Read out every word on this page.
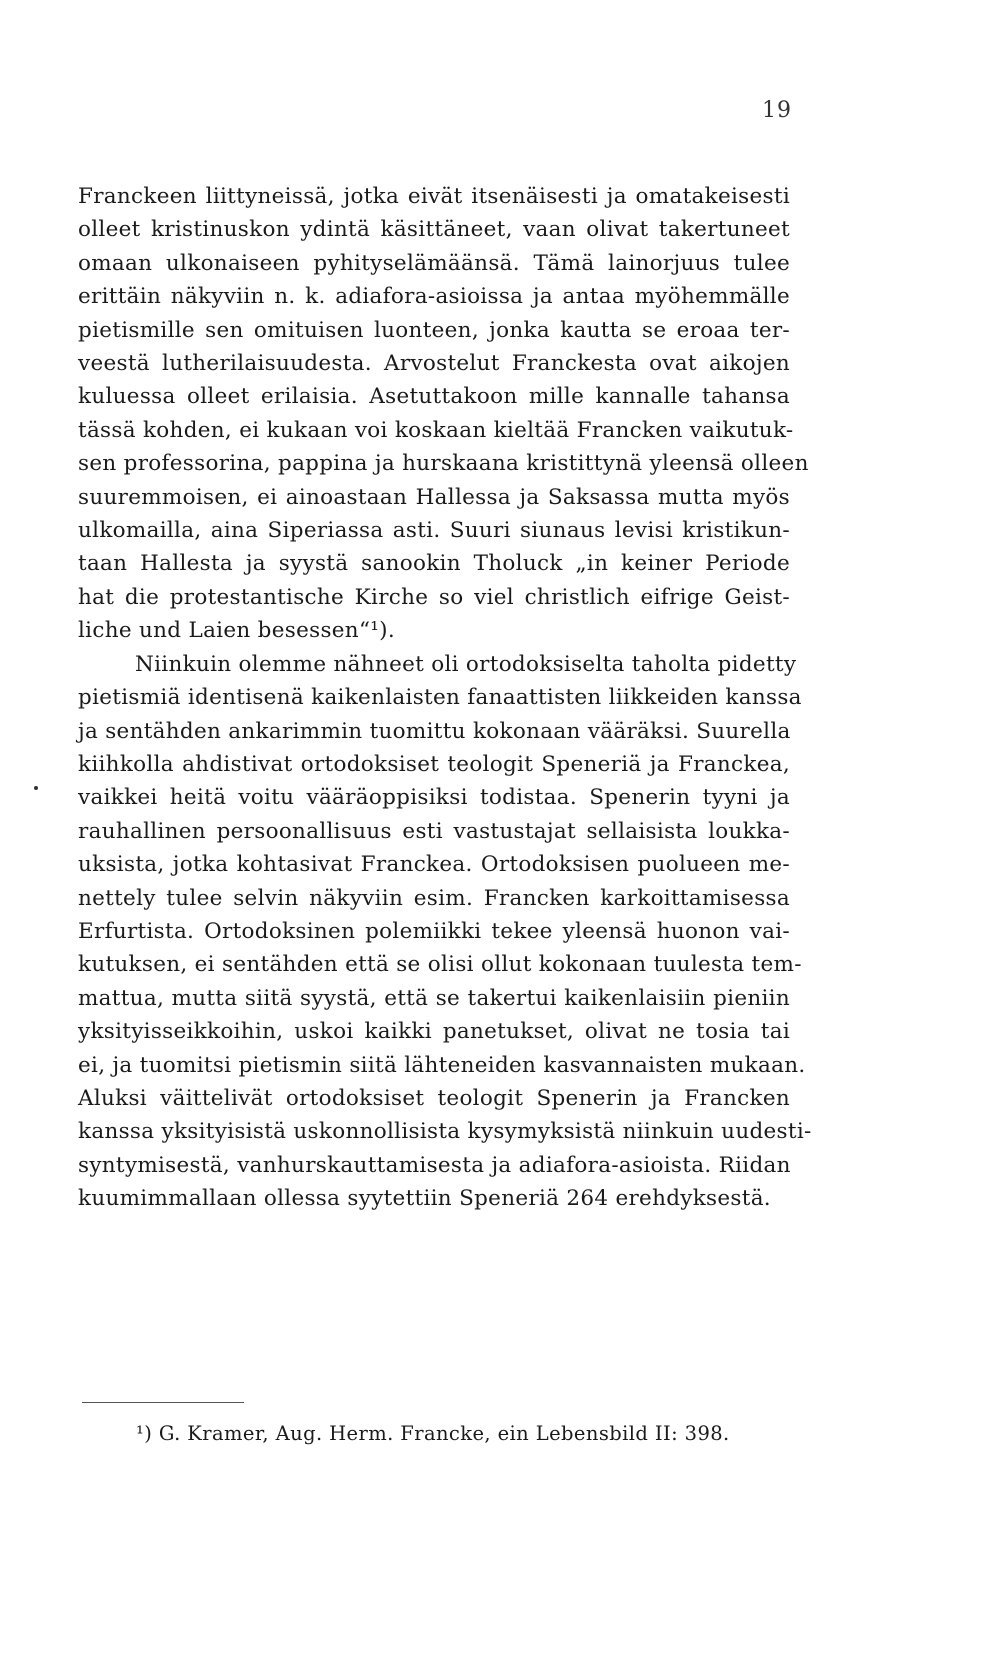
19
Franckeen liittyneissä, jotka eivät itsenäisesti ja omatakeisesti
olleet kristinuskon ydintä käsittäneet, vaan olivat takertuneet
omaan ulkonaiseen pyhityselämäänsä. Tämä lainorjuus tulee
erittäin näkyviin n. k. adiafora-asioissa ja antaa myöhemmälle
pietismille sen omituisen luonteen, jonka kautta se eroaa ter-
veestä lutherilaisuudesta. Arvostelut Franckesta ovat aikojen
kuluessa olleet erilaisia. Asetuttakoon mille kannalle tahansa
tässä kohden, ei kukaan voi koskaan kieltää Francken vaikutuk-
sen professorina, pappina ja hurskaana kristittynä yleensä olleen
suuremmoisen, ei ainoastaan Hallessa ja Saksassa mutta myös
ulkomailla, aina Siperiassa asti. Suuri siunaus levisi kristikun-
taan Hallesta ja syystä sanookin Tholuck „in keiner Periode
hat die protestantische Kirche so viel christlich eifrige Geist-
liche und Laien besessen“¹).
Niinkuin olemme nähneet oli ortodoksiselta taholta pidetty
pietismiä identisenä kaikenlaisten fanaattisten liikkeiden kanssa
ja sentähden ankarimmin tuomittu kokonaan vääräksi. Suurella
kiihkolla ahdistivat ortodoksiset teologit Speneriä ja Franckea,
vaikkei heitä voitu vääräoppisiksi todistaa. Spenerin tyyni ja
rauhallinen persoonallisuus esti vastustajat sellaisista loukka-
uksista, jotka kohtasivat Franckea. Ortodoksisen puolueen me-
nettely tulee selvin näkyviin esim. Francken karkoittamisessa
Erfurtista. Ortodoksinen polemiikki tekee yleensä huonon vai-
kutuksen, ei sentähden että se olisi ollut kokonaan tuulesta tem-
mattua, mutta siitä syystä, että se takertui kaikenlaisiin pieniin
yksityisseikkoihin, uskoi kaikki panetukset, olivat ne tosia tai
ei, ja tuomitsi pietismin siitä lähteneiden kasvannaisten mukaan.
Aluksi väittelivät ortodoksiset teologit Spenerin ja Francken
kanssa yksityisistä uskonnollisista kysymyksistä niinkuin uudesti-
syntymisestä, vanhurskauttamisesta ja adiafora-asioista. Riidan
kuumimmallaan ollessa syytettiin Speneriä 264 erehdyksestä.
¹) G. Kramer, Aug. Herm. Francke, ein Lebensbild II: 398.
